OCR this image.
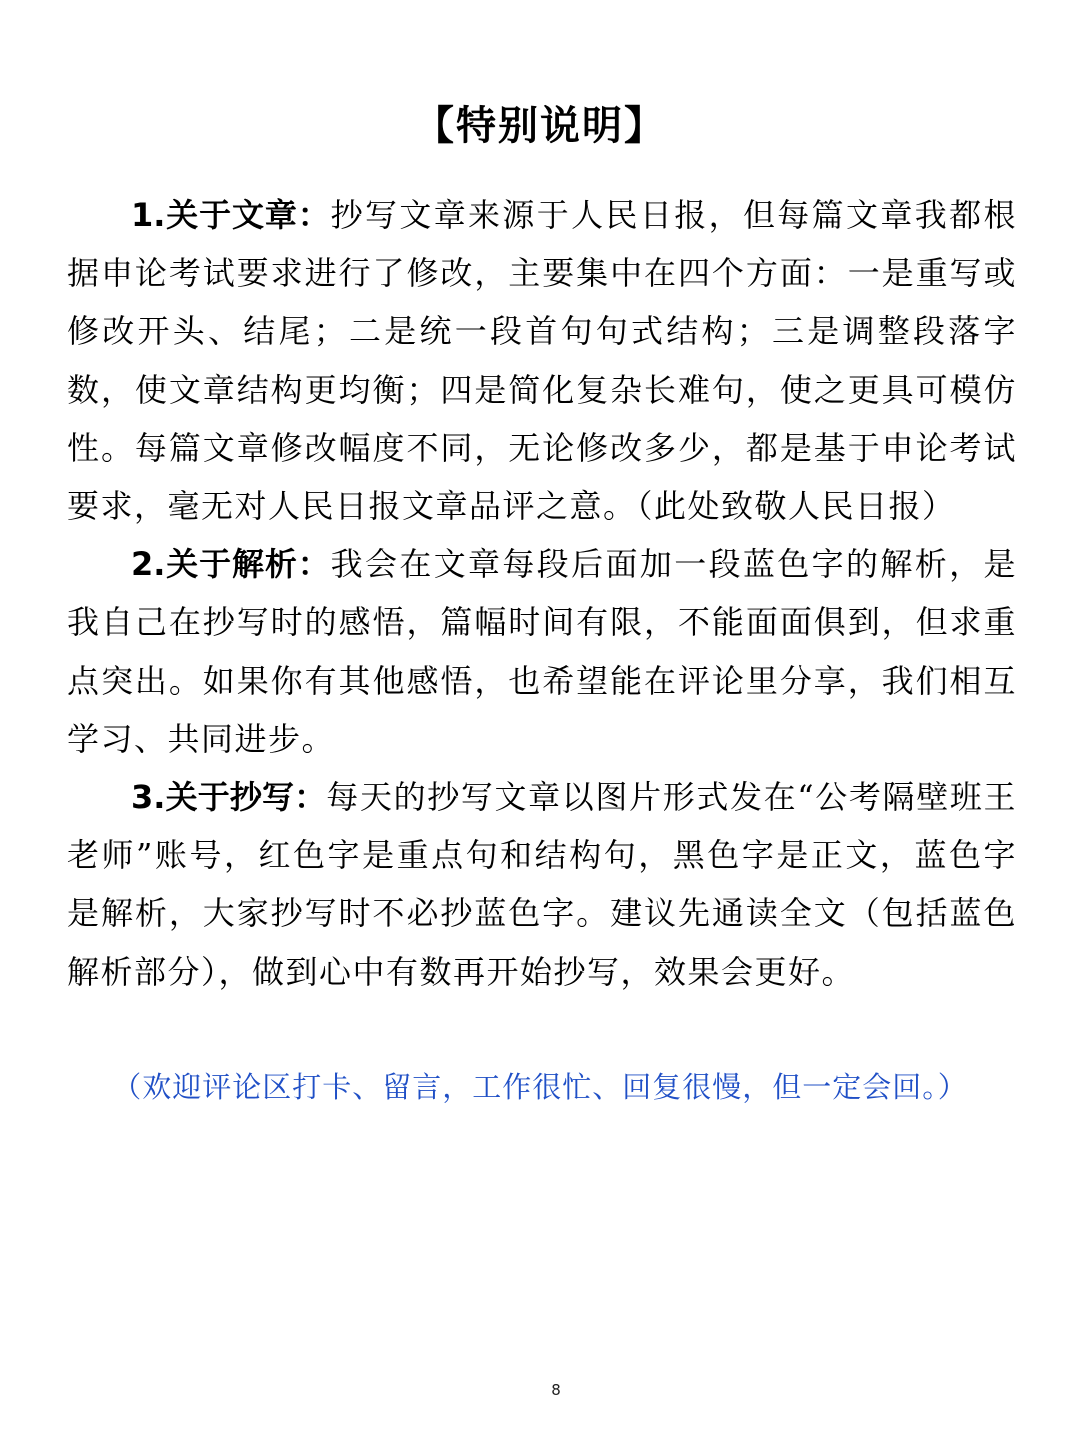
【特别说明】

1.关于文章：抄写文章来源于人民日报，但每篇文章我都根据申论考试要求进行了修改，主要集中在四个方面：一是重写或修改开头、结尾；二是统一段首句句式结构；三是调整段落字数，使文章结构更均衡；四是简化复杂长难句，使之更具可模仿性。每篇文章修改幅度不同，无论修改多少，都是基于申论考试要求，毫无对人民日报文章品评之意。（此处致敬人民日报）

2.关于解析：我会在文章每段后面加一段蓝色字的解析，是我自己在抄写时的感悟，篇幅时间有限，不能面面俱到，但求重点突出。如果你有其他感悟，也希望能在评论里分享，我们相互学习、共同进步。

3.关于抄写：每天的抄写文章以图片形式发在“公考隔壁班王老师”账号，红色字是重点句和结构句，黑色字是正文，蓝色字是解析，大家抄写时不必抄蓝色字。建议先通读全文（包括蓝色解析部分），做到心中有数再开始抄写，效果会更好。

（欢迎评论区打卡、留言，工作很忙、回复很慢，但一定会回。）
8
